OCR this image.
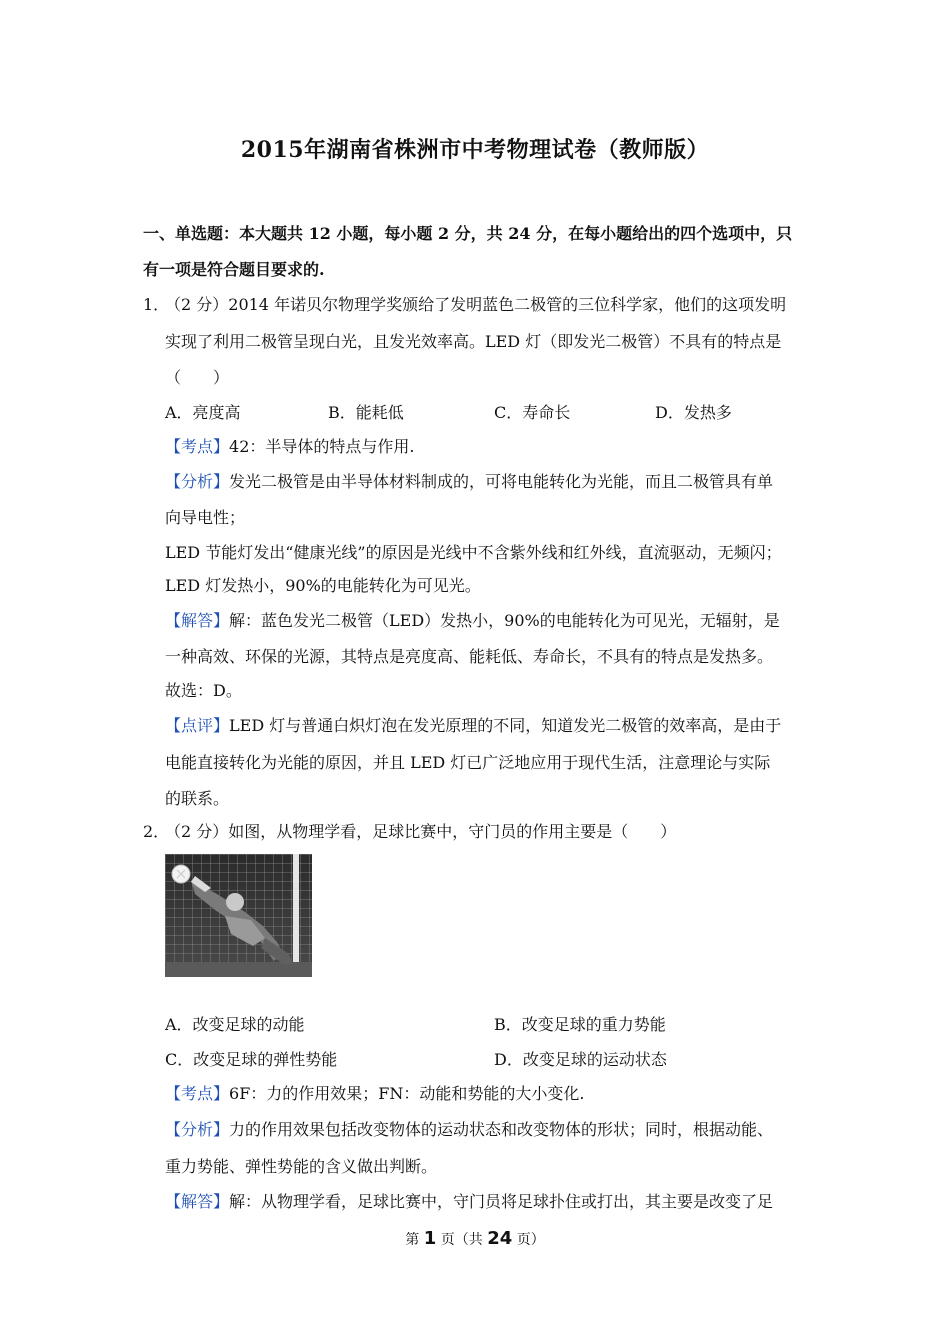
2015年湖南省株洲市中考物理试卷（教师版）
一、单选题：本大题共 12 小题，每小题 2 分，共 24 分，在每小题给出的四个选项中，只
有一项是符合题目要求的.
1．（2 分）2014 年诺贝尔物理学奖颁给了发明蓝色二极管的三位科学家，他们的这项发明
实现了利用二极管呈现白光，且发光效率高。LED 灯（即发光二极管）不具有的特点是
（　　）
A．亮度高	B．能耗低	C．寿命长	D．发热多
【考点】42：半导体的特点与作用.
【分析】发光二极管是由半导体材料制成的，可将电能转化为光能，而且二极管具有单
向导电性；
LED 节能灯发出“健康光线”的原因是光线中不含紫外线和红外线，直流驱动，无频闪；
LED 灯发热小，90%的电能转化为可见光。
【解答】解：蓝色发光二极管（LED）发热小，90%的电能转化为可见光，无辐射，是
一种高效、环保的光源，其特点是亮度高、能耗低、寿命长，不具有的特点是发热多。
故选：D。
【点评】LED 灯与普通白炽灯泡在发光原理的不同，知道发光二极管的效率高，是由于
电能直接转化为光能的原因，并且 LED 灯已广泛地应用于现代生活，注意理论与实际
的联系。
2．（2 分）如图，从物理学看，足球比赛中，守门员的作用主要是（　　）
A．改变足球的动能	B．改变足球的重力势能
C．改变足球的弹性势能	D．改变足球的运动状态
【考点】6F：力的作用效果；FN：动能和势能的大小变化.
【分析】力的作用效果包括改变物体的运动状态和改变物体的形状；同时，根据动能、
重力势能、弹性势能的含义做出判断。
【解答】解：从物理学看，足球比赛中，守门员将足球扑住或打出，其主要是改变了足
第 1 页（共 24 页）
